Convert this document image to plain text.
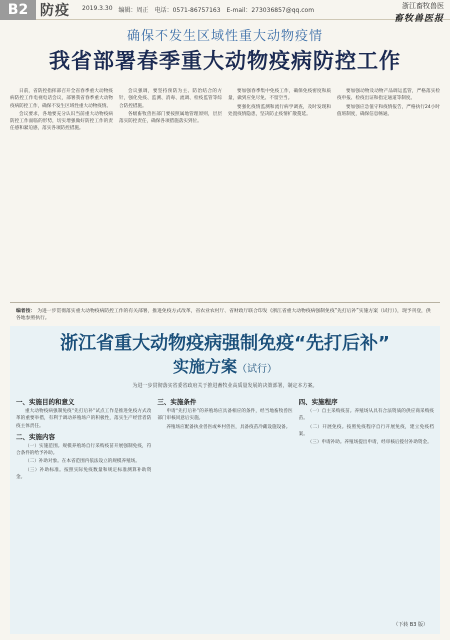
B2 防疫 2019.3.30 编辑：周正 电话：0571-86757163 E-mail：273036857@qq.com
浙江畜牧兽医
畜牧兽医报
确保不发生区域性重大动物疫情
我省部署春季重大动物疫病防控工作

日前，省防控指挥部召开全省春季重大动物疫病防控工作电视电话会议，部署我省春季重大动物疫病防控工作，确保不发生区域性重大动物疫情。

会议要求，各地要充分认识当前重大动物疫病防控工作面临的形势，切实增强做好防控工作的责任感和紧迫感，落实各项防控措施。

会议强调，要坚持预防为主、防治结合的方针，强化免疫、监测、消毒、流调、检疫监管等综合防控措施。

各级畜牧兽医部门要按照属地管理原则，层层落实防控责任，确保各项措施落实到位。

要加强春季集中免疫工作，确保免疫密度和质量，做到应免尽免、不留空当。

要强化疫情监测和流行病学调查，及时发现和处置疫情隐患，坚决防止疫情扩散蔓延。

要加强动物及动物产品调运监管，严格落实检疫申报、检疫出证和指定通道等制度。

要加强应急值守和疫情报告，严格执行24小时值班制度，确保信息畅通。

编者按： 为进一步贯彻落实重大动物疫病防控工作的有关部署，推进免疫方式改革，省农业农村厅、省财政厅联合印发《浙江省重大动物疫病强制免疫“先打后补”实施方案（试行）》，现予刊登，供各地参照执行。
浙江省重大动物疫病强制免疫“先打后补”
实施方案（试行）
为进一步贯彻落实省委省政府关于推进畜牧业高质量发展的决策部署，制定本方案。
一、实施目的和意义

重大动物疫病强制免疫“先打后补”试点工作是推进免疫方式改革的重要举措，有利于调动养殖场户的积极性，落实生产经营者防疫主体责任。

二、实施内容

（一）实施范围。规模养殖场自行采购疫苗开展强制免疫，符合条件的给予补助。

（二）补助对象。在本省范围内依法设立的规模养殖场。

（三）补助标准。按照实际免疫数量和规定标准测算补助资金。

三、实施条件

申请“先打后补”的养殖场应具备相应的条件，经当地畜牧兽医部门审核同意后实施。

养殖场应配备执业兽医或乡村兽医，具备疫苗冷藏设施设备。

四、实施程序

（一）自主采购疫苗。养殖场从具有合法资质的供应商采购疫苗。

（二）开展免疫。按照免疫程序自行开展免疫，建立免疫档案。

（三）申请补助。养殖场提出申请，经审核后拨付补助资金。

（下转 B3 版）
